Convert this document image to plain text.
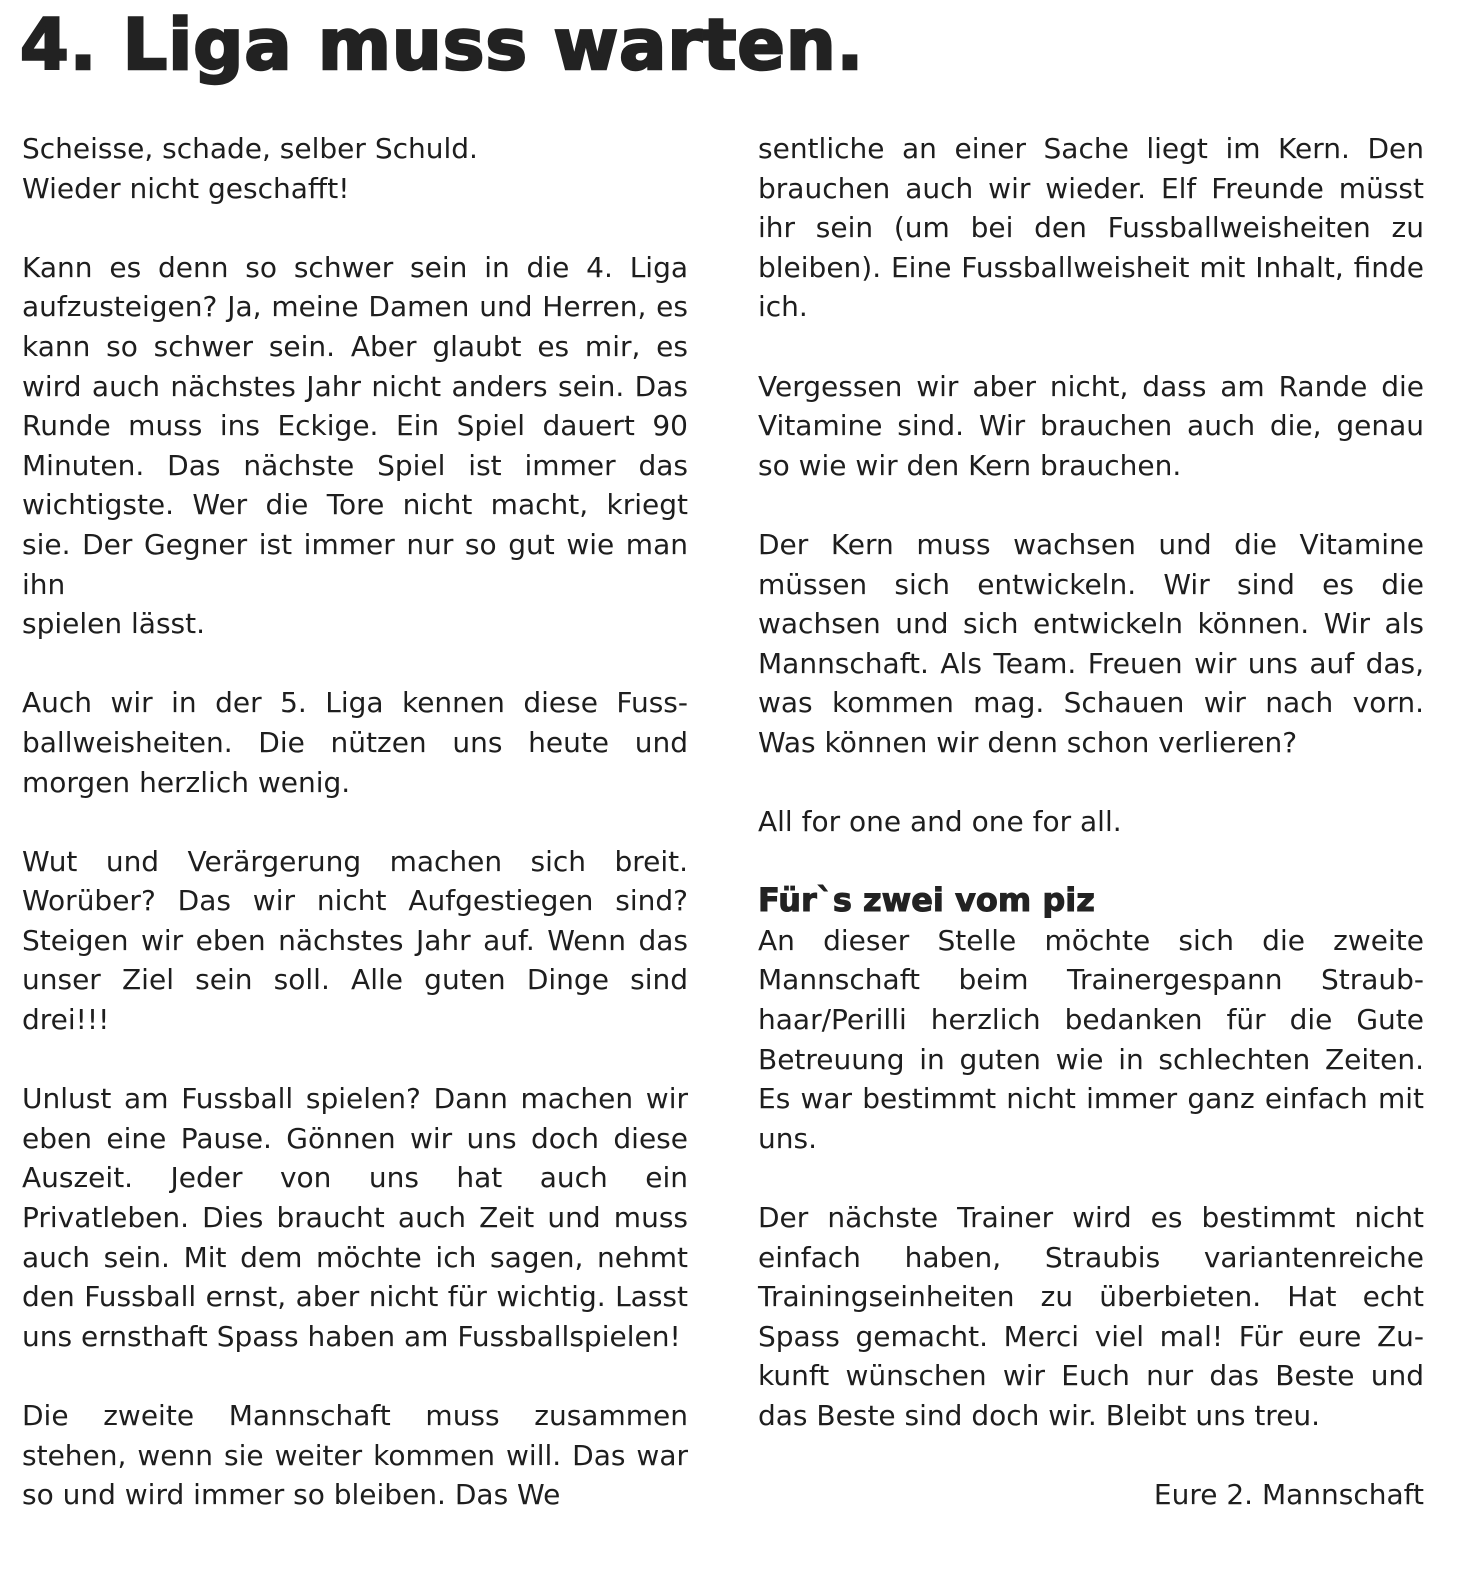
4. Liga muss warten.

Scheisse, schade, selber Schuld.
Wieder nicht geschafft!

Kann es denn so schwer sein in die 4. Liga aufzusteigen? Ja, meine Damen und Herren, es kann so schwer sein. Aber glaubt es mir, es wird auch nächstes Jahr nicht anders sein. Das Runde muss ins Eckige. Ein Spiel dauert 90 Minuten. Das nächste Spiel ist immer das wichtigste. Wer die Tore nicht macht, kriegt sie. Der Gegner ist immer nur so gut wie man ihn

spielen lässt.

Auch wir in der 5. Liga kennen diese Fussballweisheiten. Die nützen uns heute und morgen herzlich wenig.

Wut und Verärgerung machen sich breit. Worüber? Das wir nicht Aufgestiegen sind? Steigen wir eben nächstes Jahr auf. Wenn das unser Ziel sein soll. Alle guten Dinge sind drei!!!

Unlust am Fussball spielen? Dann machen wir eben eine Pause. Gönnen wir uns doch diese Auszeit. Jeder von uns hat auch ein Privatleben. Dies braucht auch Zeit und muss auch sein. Mit dem möchte ich sagen, nehmt den Fussball ernst, aber nicht für wichtig. Lasst uns ernsthaft Spass haben am Fussballspielen!

Die zweite Mannschaft muss zusammen stehen, wenn sie weiter kommen will. Das war so und wird immer so bleiben. Das We

sentliche an einer Sache liegt im Kern. Den brauchen auch wir wieder. Elf Freunde müsst ihr sein (um bei den Fussballweisheiten zu bleiben). Eine Fussballweisheit mit Inhalt, finde ich.

Vergessen wir aber nicht, dass am Rande die Vitamine sind. Wir brauchen auch die, genau so wie wir den Kern brauchen.

Der Kern muss wachsen und die Vitamine müssen sich entwickeln. Wir sind es die wachsen und sich entwickeln können. Wir als Mannschaft. Als Team. Freuen wir uns auf das, was kommen mag. Schauen wir nach vorn. Was können wir denn schon verlieren?

All for one and one for all.

Für`s zwei vom piz

An dieser Stelle möchte sich die zweite Mannschaft beim Trainergespann Straubhaar/Perilli herzlich bedanken für die Gute Betreuung in guten wie in schlechten Zeiten. Es war bestimmt nicht immer ganz einfach mit uns.

Der nächste Trainer wird es bestimmt nicht einfach haben, Straubis variantenreiche Trainingseinheiten zu überbieten. Hat echt Spass gemacht. Merci viel mal! Für eure Zukunft wünschen wir Euch nur das Beste und das Beste sind doch wir. Bleibt uns treu.

Eure 2. Mannschaft
